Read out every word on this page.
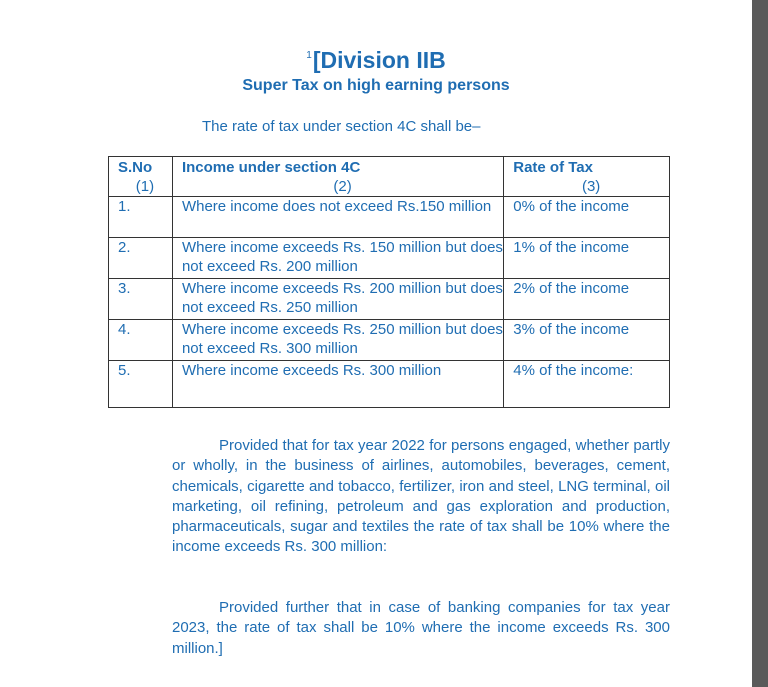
$^1$[Division IIB
Super Tax on high earning persons
The rate of tax under section 4C shall be–
S.No	Income under section 4C	Rate of Tax
(1)	(2)	(3)
1.	Where income does not exceed Rs.150 million	0% of the income
2.	Where income exceeds Rs. 150 million but does not exceed Rs. 200 million	1% of the income
3.	Where income exceeds Rs. 200 million but does not exceed Rs. 250 million	2% of the income
4.	Where income exceeds Rs. 250 million but does not exceed Rs. 300 million	3% of the income
5.	Where income exceeds Rs. 300 million	4% of the income:

Provided that for tax year 2022 for persons engaged, whether partly or wholly, in the business of airlines, automobiles, beverages, cement, chemicals, cigarette and tobacco, fertilizer, iron and steel, LNG terminal, oil marketing, oil refining, petroleum and gas exploration and production, pharmaceuticals, sugar and textiles the rate of tax shall be 10% where the income exceeds Rs. 300 million:

Provided further that in case of banking companies for tax year 2023, the rate of tax shall be 10% where the income exceeds Rs. 300 million.]
